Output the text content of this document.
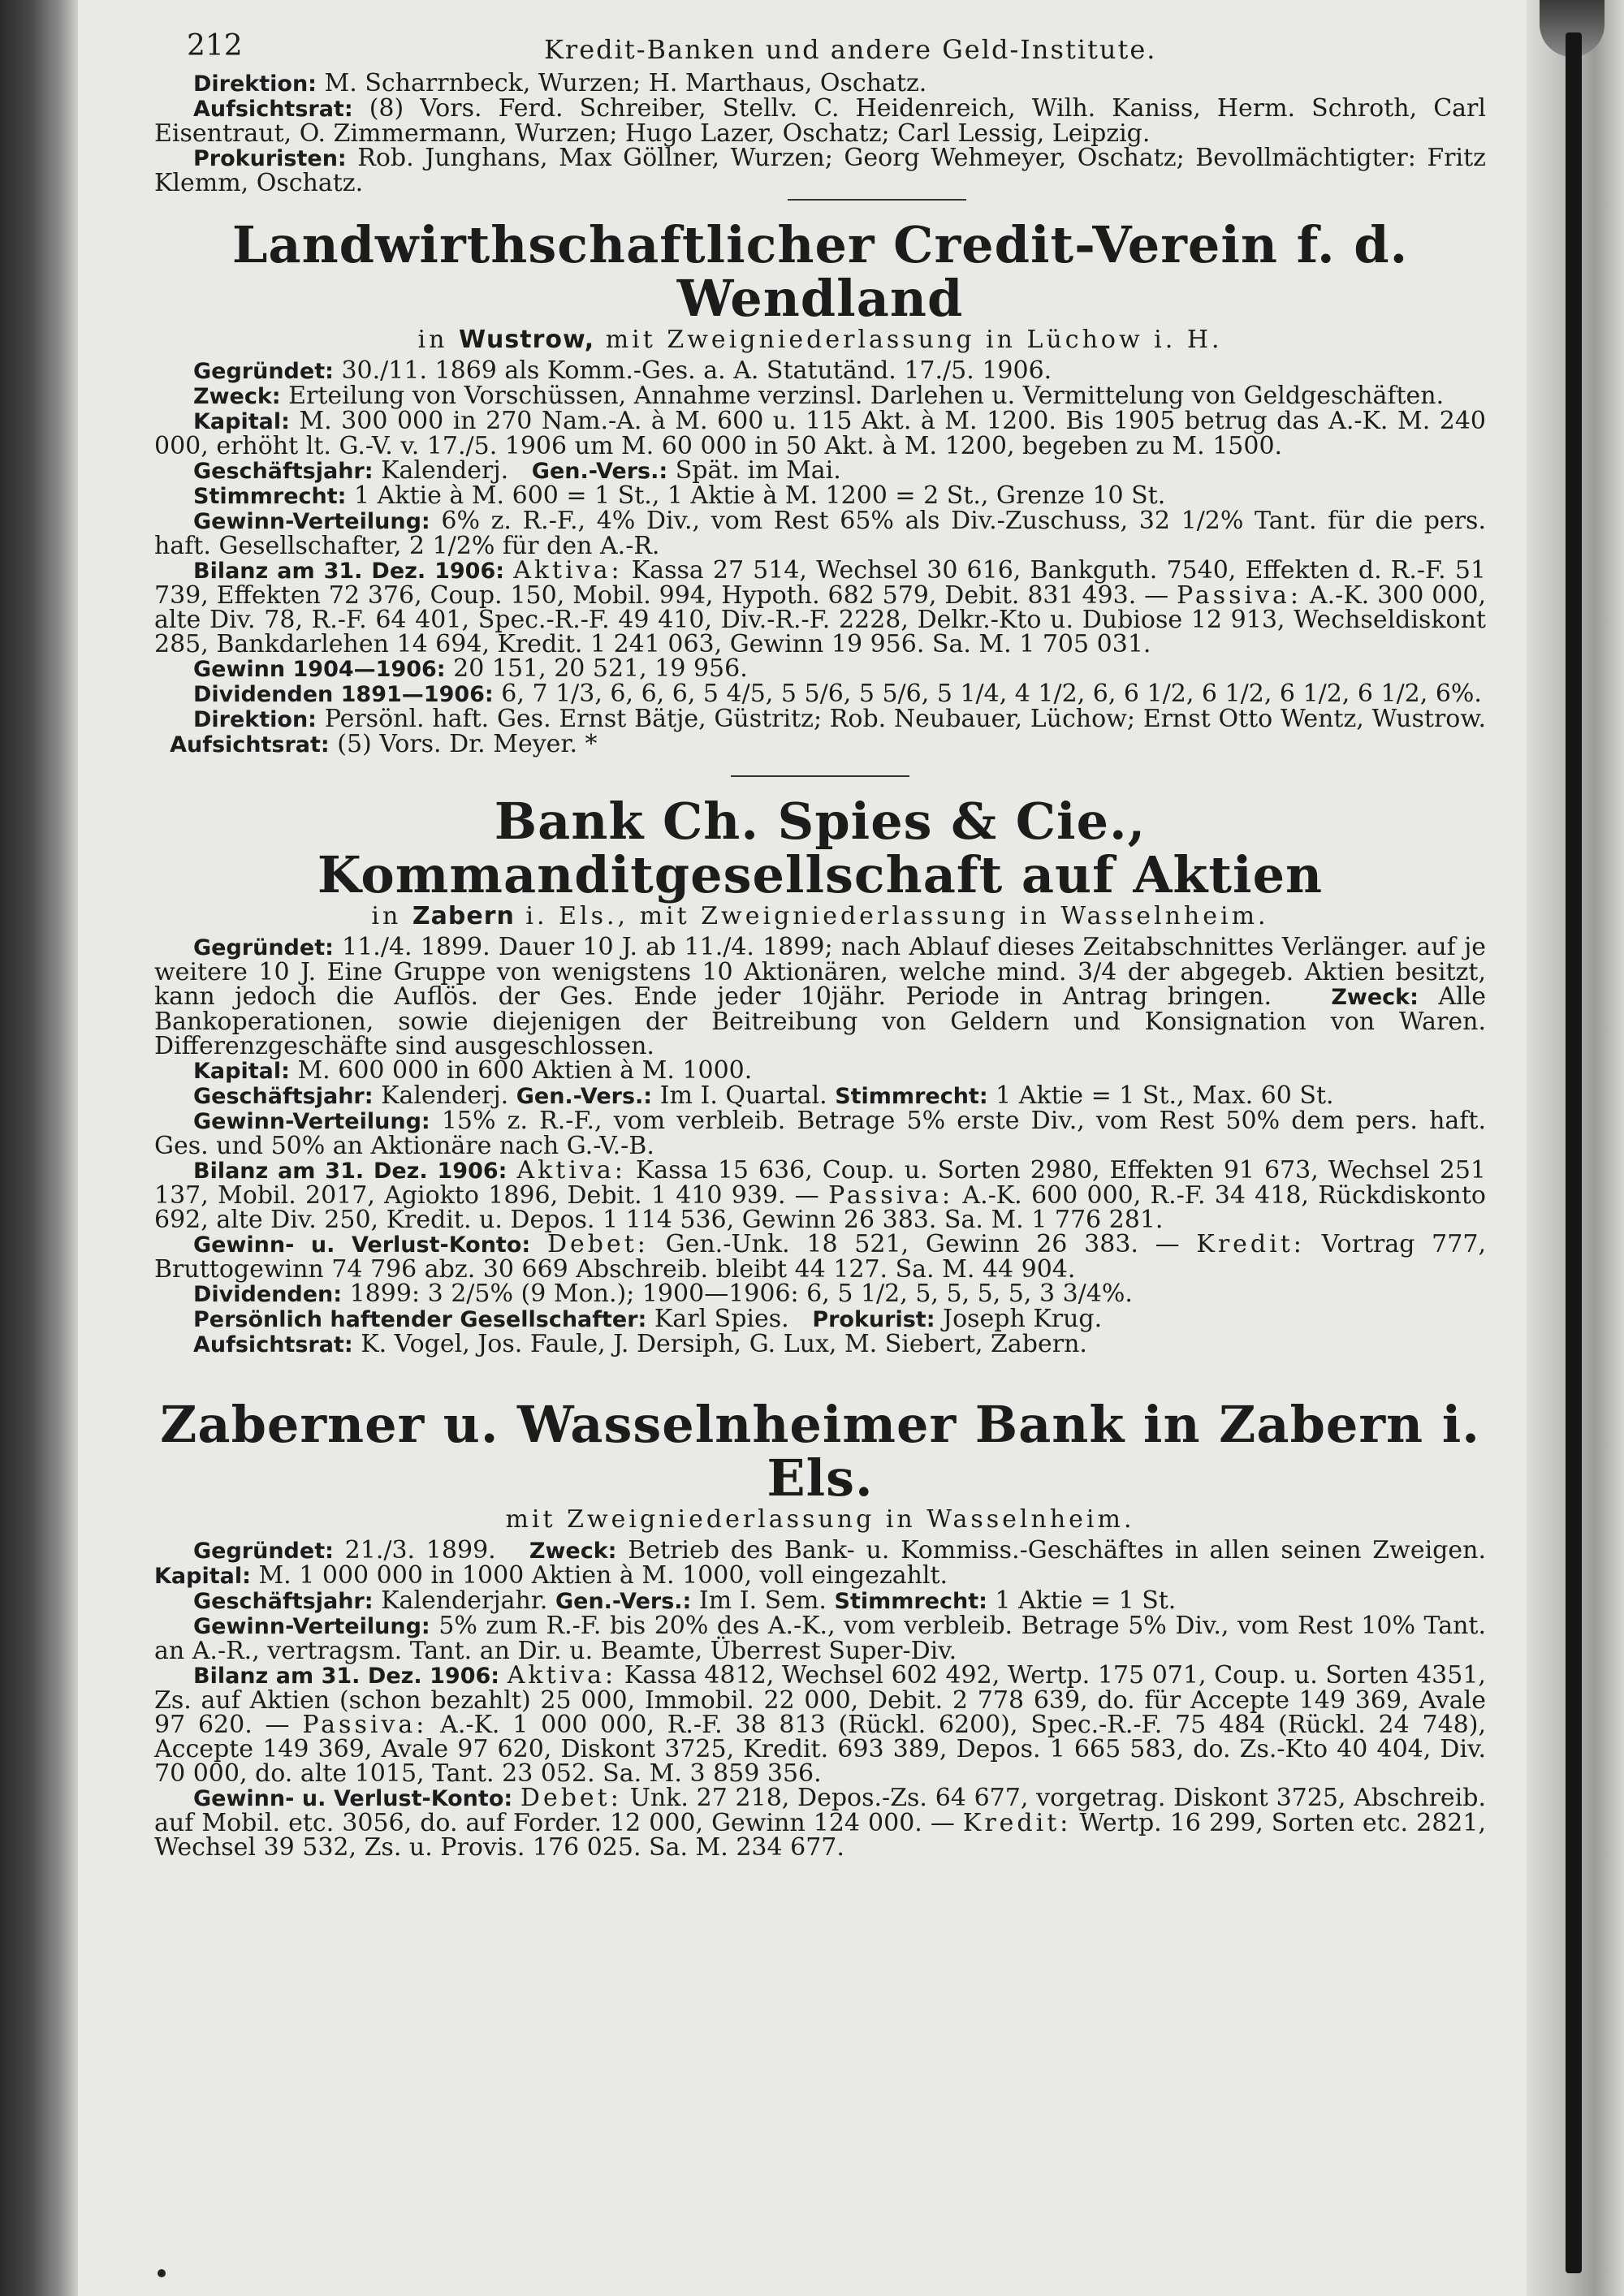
212	Kredit-Banken und andere Geld-Institute.

Direktion: M. Scharrnbeck, Wurzen; H. Marthaus, Oschatz.

Aufsichtsrat: (8) Vors. Ferd. Schreiber, Stellv. C. Heidenreich, Wilh. Kaniss, Herm. Schroth, Carl Eisentraut, O. Zimmermann, Wurzen; Hugo Lazer, Oschatz; Carl Lessig, Leipzig.

Prokuristen: Rob. Junghans, Max Göllner, Wurzen; Georg Wehmeyer, Oschatz; Bevollmächtigter: Fritz Klemm, Oschatz.

Landwirthschaftlicher Credit-Verein f. d. Wendland
in Wustrow, mit Zweigniederlassung in Lüchow i. H.

Gegründet: 30./11. 1869 als Komm.-Ges. a. A. Statutänd. 17./5. 1906.

Zweck: Erteilung von Vorschüssen, Annahme verzinsl. Darlehen u. Vermittelung von Geldgeschäften.

Kapital: M. 300 000 in 270 Nam.-A. à M. 600 u. 115 Akt. à M. 1200. Bis 1905 betrug das A.-K. M. 240 000, erhöht lt. G.-V. v. 17./5. 1906 um M. 60 000 in 50 Akt. à M. 1200, begeben zu M. 1500.

Geschäftsjahr: Kalenderj. Gen.-Vers.: Spät. im Mai.

Stimmrecht: 1 Aktie à M. 600 = 1 St., 1 Aktie à M. 1200 = 2 St., Grenze 10 St.

Gewinn-Verteilung: 6% z. R.-F., 4% Div., vom Rest 65% als Div.-Zuschuss, 32 1/2% Tant. für die pers. haft. Gesellschafter, 2 1/2% für den A.-R.

Bilanz am 31. Dez. 1906: Aktiva: Kassa 27 514, Wechsel 30 616, Bankguth. 7540, Effekten d. R.-F. 51 739, Effekten 72 376, Coup. 150, Mobil. 994, Hypoth. 682 579, Debit. 831 493. — Passiva: A.-K. 300 000, alte Div. 78, R.-F. 64 401, Spec.-R.-F. 49 410, Div.-R.-F. 2228, Delkr.-Kto u. Dubiose 12 913, Wechseldiskont 285, Bankdarlehen 14 694, Kredit. 1 241 063, Gewinn 19 956. Sa. M. 1 705 031.

Gewinn 1904—1906: 20 151, 20 521, 19 956.

Dividenden 1891—1906: 6, 7 1/3, 6, 6, 6, 5 4/5, 5 5/6, 5 5/6, 5 1/4, 4 1/2, 6, 6 1/2, 6 1/2, 6 1/2, 6 1/2, 6%.

Direktion: Persönl. haft. Ges. Ernst Bätje, Güstritz; Rob. Neubauer, Lüchow; Ernst Otto Wentz, Wustrow.   Aufsichtsrat: (5) Vors. Dr. Meyer. *

Bank Ch. Spies & Cie., Kommanditgesellschaft auf Aktien
in Zabern i. Els., mit Zweigniederlassung in Wasselnheim.

Gegründet: 11./4. 1899. Dauer 10 J. ab 11./4. 1899; nach Ablauf dieses Zeitabschnittes Verlänger. auf je weitere 10 J. Eine Gruppe von wenigstens 10 Aktionären, welche mind. 3/4 der abgegeb. Aktien besitzt, kann jedoch die Auflös. der Ges. Ende jeder 10jähr. Periode in Antrag bringen.	Zweck: Alle Bankoperationen, sowie diejenigen der Beitreibung von Geldern und Konsignation von Waren. Differenzgeschäfte sind ausgeschlossen.

Kapital: M. 600 000 in 600 Aktien à M. 1000.

Geschäftsjahr: Kalenderj. Gen.-Vers.: Im I. Quartal. Stimmrecht: 1 Aktie = 1 St., Max. 60 St.

Gewinn-Verteilung: 15% z. R.-F., vom verbleib. Betrage 5% erste Div., vom Rest 50% dem pers. haft. Ges. und 50% an Aktionäre nach G.-V.-B.

Bilanz am 31. Dez. 1906: Aktiva: Kassa 15 636, Coup. u. Sorten 2980, Effekten 91 673, Wechsel 251 137, Mobil. 2017, Agiokto 1896, Debit. 1 410 939. — Passiva: A.-K. 600 000, R.-F. 34 418, Rückdiskonto 692, alte Div. 250, Kredit. u. Depos. 1 114 536, Gewinn 26 383. Sa. M. 1 776 281.

Gewinn- u. Verlust-Konto: Debet: Gen.-Unk. 18 521, Gewinn 26 383. — Kredit: Vortrag 777, Bruttogewinn 74 796 abz. 30 669 Abschreib. bleibt 44 127. Sa. M. 44 904.

Dividenden: 1899: 3 2/5% (9 Mon.); 1900—1906: 6, 5 1/2, 5, 5, 5, 5, 3 3/4%.

Persönlich haftender Gesellschafter: Karl Spies. Prokurist: Joseph Krug.

Aufsichtsrat: K. Vogel, Jos. Faule, J. Dersiph, G. Lux, M. Siebert, Zabern.

Zaberner u. Wasselnheimer Bank in Zabern i. Els.
mit Zweigniederlassung in Wasselnheim.

Gegründet: 21./3. 1899. Zweck: Betrieb des Bank- u. Kommiss.-Geschäftes in allen seinen Zweigen. Kapital: M. 1 000 000 in 1000 Aktien à M. 1000, voll eingezahlt.

Geschäftsjahr: Kalenderjahr. Gen.-Vers.: Im I. Sem. Stimmrecht: 1 Aktie = 1 St.

Gewinn-Verteilung: 5% zum R.-F. bis 20% des A.-K., vom verbleib. Betrage 5% Div., vom Rest 10% Tant. an A.-R., vertragsm. Tant. an Dir. u. Beamte, Überrest Super-Div.

Bilanz am 31. Dez. 1906: Aktiva: Kassa 4812, Wechsel 602 492, Wertp. 175 071, Coup. u. Sorten 4351, Zs. auf Aktien (schon bezahlt) 25 000, Immobil. 22 000, Debit. 2 778 639, do. für Accepte 149 369, Avale 97 620. — Passiva: A.-K. 1 000 000, R.-F. 38 813 (Rückl. 6200), Spec.-R.-F. 75 484 (Rückl. 24 748), Accepte 149 369, Avale 97 620, Diskont 3725, Kredit. 693 389, Depos. 1 665 583, do. Zs.-Kto 40 404, Div. 70 000, do. alte 1015, Tant. 23 052. Sa. M. 3 859 356.

Gewinn- u. Verlust-Konto: Debet: Unk. 27 218, Depos.-Zs. 64 677, vorgetrag. Diskont 3725, Abschreib. auf Mobil. etc. 3056, do. auf Forder. 12 000, Gewinn 124 000. — Kredit: Wertp. 16 299, Sorten etc. 2821, Wechsel 39 532, Zs. u. Provis. 176 025. Sa. M. 234 677.
